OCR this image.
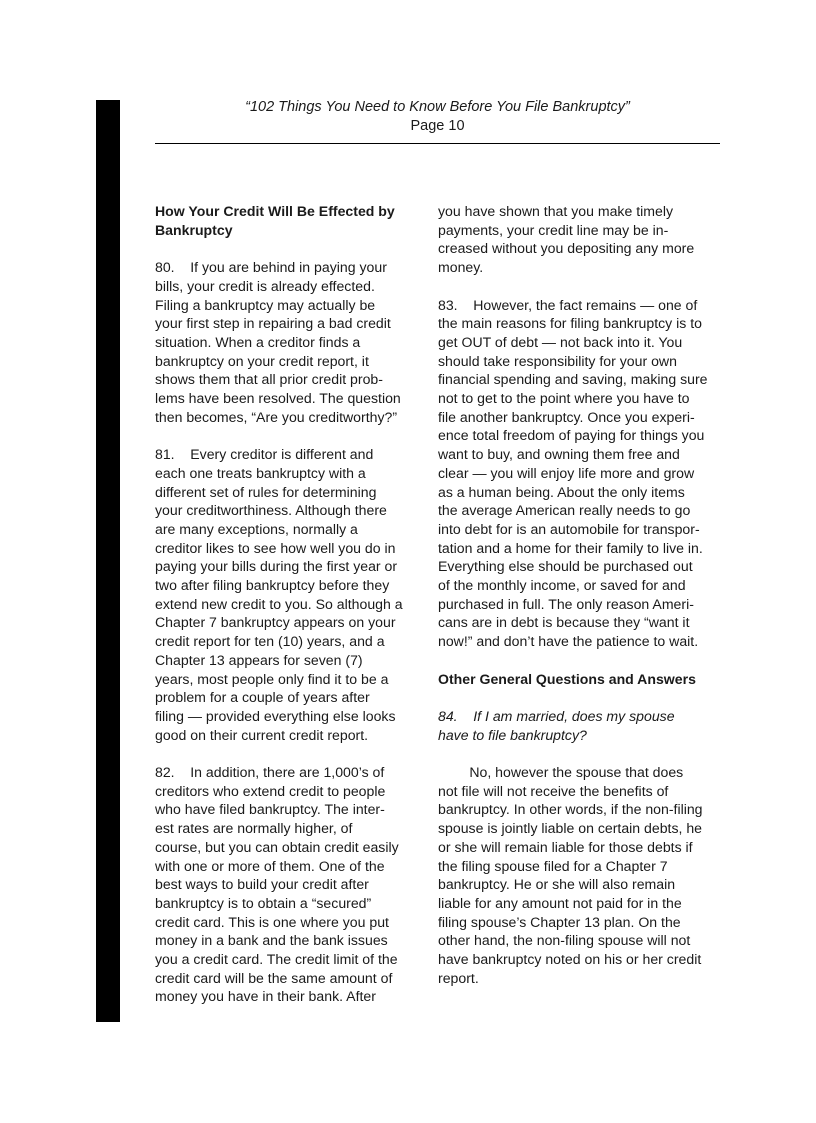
“102 Things You Need to Know Before You File Bankruptcy”
Page 10
How Your Credit Will Be Effected by
Bankruptcy
80.    If you are behind in paying your
bills, your credit is already effected.
Filing a bankruptcy may actually be
your first step in repairing a bad credit
situation. When a creditor finds a
bankruptcy on your credit report, it
shows them that all prior credit prob-
lems have been resolved. The question
then becomes, “Are you creditworthy?”
81.    Every creditor is different and
each one treats bankruptcy with a
different set of rules for determining
your creditworthiness. Although there
are many exceptions, normally a
creditor likes to see how well you do in
paying your bills during the first year or
two after filing bankruptcy before they
extend new credit to you. So although a
Chapter 7 bankruptcy appears on your
credit report for ten (10) years, and a
Chapter 13 appears for seven (7)
years, most people only find it to be a
problem for a couple of years after
filing — provided everything else looks
good on their current credit report.
82.    In addition, there are 1,000’s of
creditors who extend credit to people
who have filed bankruptcy. The inter-
est rates are normally higher, of
course, but you can obtain credit easily
with one or more of them. One of the
best ways to build your credit after
bankruptcy is to obtain a “secured”
credit card. This is one where you put
money in a bank and the bank issues
you a credit card. The credit limit of the
credit card will be the same amount of
money you have in their bank. After
you have shown that you make timely
payments, your credit line may be in-
creased without you depositing any more
money.
83.    However, the fact remains — one of
the main reasons for filing bankruptcy is to
get OUT of debt — not back into it. You
should take responsibility for your own
financial spending and saving, making sure
not to get to the point where you have to
file another bankruptcy. Once you experi-
ence total freedom of paying for things you
want to buy, and owning them free and
clear — you will enjoy life more and grow
as a human being. About the only items
the average American really needs to go
into debt for is an automobile for transpor-
tation and a home for their family to live in.
Everything else should be purchased out
of the monthly income, or saved for and
purchased in full. The only reason Ameri-
cans are in debt is because they “want it
now!” and don’t have the patience to wait.
Other General Questions and Answers
84.    If I am married, does my spouse
have to file bankruptcy?
No, however the spouse that does
not file will not receive the benefits of
bankruptcy. In other words, if the non-filing
spouse is jointly liable on certain debts, he
or she will remain liable for those debts if
the filing spouse filed for a Chapter 7
bankruptcy. He or she will also remain
liable for any amount not paid for in the
filing spouse’s Chapter 13 plan. On the
other hand, the non-filing spouse will not
have bankruptcy noted on his or her credit
report.
